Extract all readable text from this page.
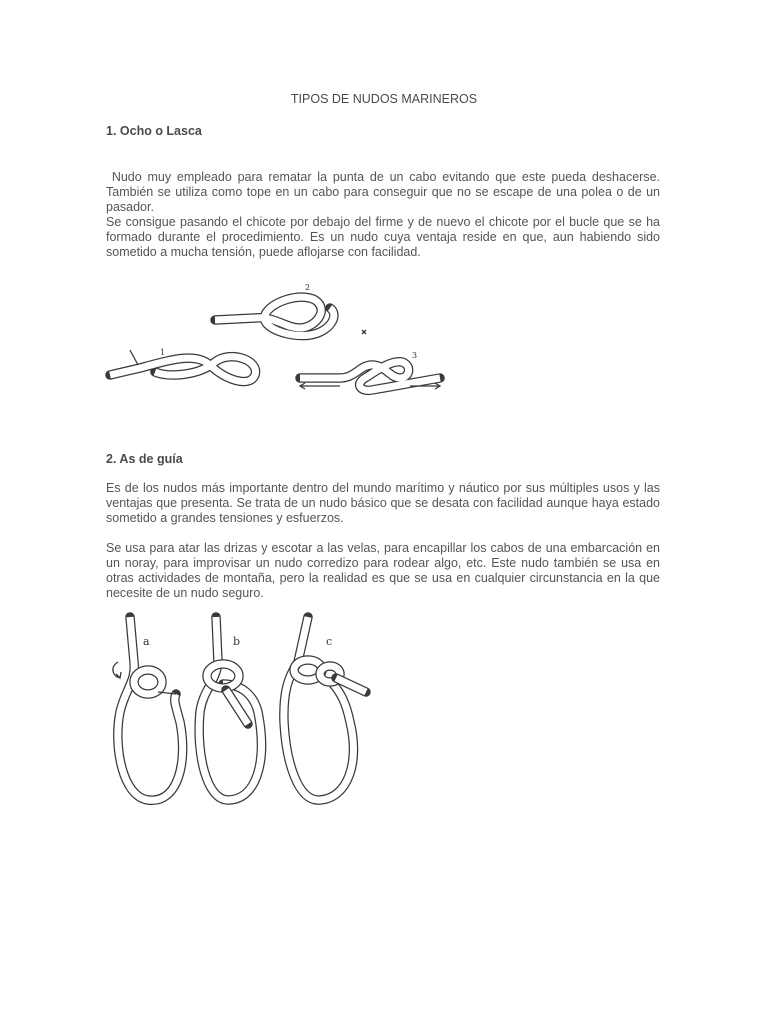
TIPOS DE NUDOS MARINEROS
1. Ocho o Lasca

Nudo muy empleado para rematar la punta de un cabo evitando que este pueda deshacerse. También se utiliza como tope en un cabo para conseguir que no se escape de una polea o de un pasador.

Se consigue pasando el chicote por debajo del firme y de nuevo el chicote por el bucle que se ha formado durante el procedimiento. Es un nudo cuya ventaja reside en que, aun habiendo sido sometido a mucha tensión, puede aflojarse con facilidad.

1
2
3
2. As de guía

Es de los nudos más importante dentro del mundo marítimo y náutico por sus múltiples usos y las ventajas que presenta. Se trata de un nudo básico que se desata con facilidad aunque haya estado sometido a grandes tensiones y esfuerzos.

Se usa para atar las drizas y escotar a las velas, para encapillar los cabos de una embarcación en un noray, para improvisar un nudo corredizo para rodear algo, etc. Este nudo también se usa en otras actividades de montaña, pero la realidad es que se usa en cualquier circunstancia en la que necesite de un nudo seguro.

a	b	c
